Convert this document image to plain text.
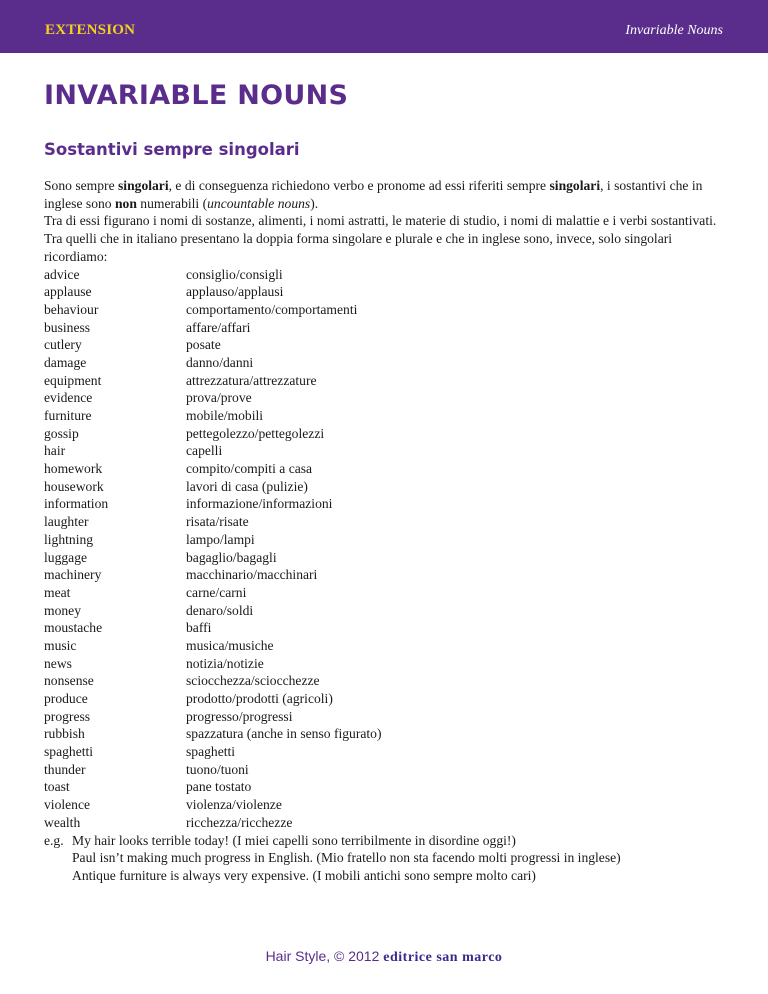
EXTENSION	Invariable Nouns
INVARIABLE NOUNS
Sostantivi sempre singolari

Sono sempre singolari, e di conseguenza richiedono verbo e pronome ad essi riferiti sempre singolari, i sostantivi che in inglese sono non numerabili (uncountable nouns).

Tra di essi figurano i nomi di sostanze, alimenti, i nomi astratti, le materie di studio, i nomi di malattie e i verbi sostantivati.

Tra quelli che in italiano presentano la doppia forma singolare e plurale e che in inglese sono, invece, solo singolari ricordiamo:

advice	consiglio/consigli
applause	applauso/applausi
behaviour	comportamento/comportamenti
business	affare/affari
cutlery	posate
damage	danno/danni
equipment	attrezzatura/attrezzature
evidence	prova/prove
furniture	mobile/mobili
gossip	pettegolezzo/pettegolezzi
hair	capelli
homework	compito/compiti a casa
housework	lavori di casa (pulizie)
information	informazione/informazioni
laughter	risata/risate
lightning	lampo/lampi
luggage	bagaglio/bagagli
machinery	macchinario/macchinari
meat	carne/carni
money	denaro/soldi
moustache	baffi
music	musica/musiche
news	notizia/notizie
nonsense	sciocchezza/sciocchezze
produce	prodotto/prodotti (agricoli)
progress	progresso/progressi
rubbish	spazzatura (anche in senso figurato)
spaghetti	spaghetti
thunder	tuono/tuoni
toast	pane tostato
violence	violenza/violenze
wealth	ricchezza/ricchezze
e.g. My hair looks terrible today! (I miei capelli sono terribilmente in disordine oggi!)
Paul isn’t making much progress in English. (Mio fratello non sta facendo molti progressi in inglese)
Antique furniture is always very expensive. (I mobili antichi sono sempre molto cari)
Hair Style, © 2012 editrice san marco
